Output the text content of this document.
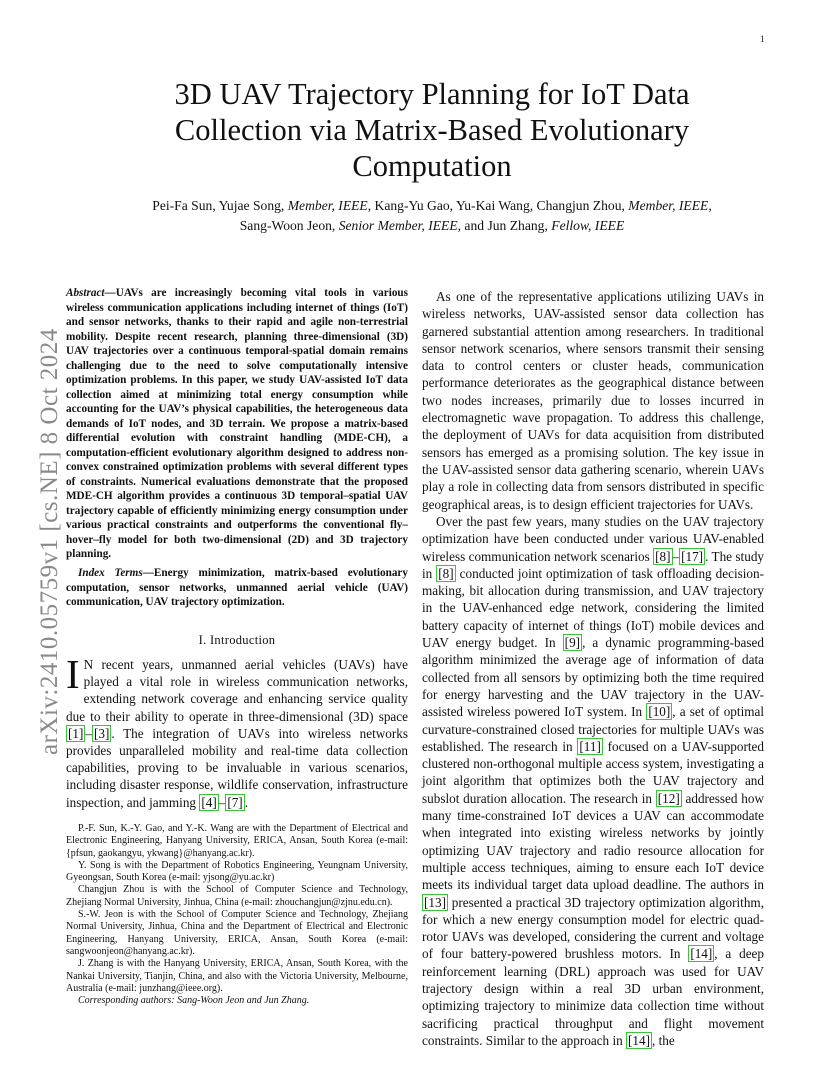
1
arXiv:2410.05759v1 [cs.NE] 8 Oct 2024
3D UAV Trajectory Planning for IoT Data
Collection via Matrix-Based Evolutionary
Computation
Pei-Fa Sun, Yujae Song, Member, IEEE, Kang-Yu Gao, Yu-Kai Wang, Changjun Zhou, Member, IEEE,
Sang-Woon Jeon, Senior Member, IEEE, and Jun Zhang, Fellow, IEEE
Abstract—UAVs are increasingly becoming vital tools in various wireless communication applications including internet of things (IoT) and sensor networks, thanks to their rapid and agile non-terrestrial mobility. Despite recent research, planning three-dimensional (3D) UAV trajectories over a continuous temporal-spatial domain remains challenging due to the need to solve computationally intensive optimization problems. In this paper, we study UAV-assisted IoT data collection aimed at minimizing total energy consumption while accounting for the UAV’s physical capabilities, the heterogeneous data demands of IoT nodes, and 3D terrain. We propose a matrix-based differential evolution with constraint handling (MDE-CH), a computation-efficient evolutionary algorithm designed to address non-convex constrained optimization problems with several different types of constraints. Numerical evaluations demonstrate that the proposed MDE-CH algorithm provides a continuous 3D temporal–spatial UAV trajectory capable of efficiently minimizing energy consumption under various practical constraints and outperforms the conventional fly–hover–fly model for both two-dimensional (2D) and 3D trajectory planning.
Index Terms—Energy minimization, matrix-based evolutionary computation, sensor networks, unmanned aerial vehicle (UAV) communication, UAV trajectory optimization.
I. Introduction
I N recent years, unmanned aerial vehicles (UAVs) have played a vital role in wireless communication networks, extending network coverage and enhancing service quality due to their ability to operate in three-dimensional (3D) space [1] – [3] . The integration of UAVs into wireless networks provides unparalleled mobility and real-time data collection capabilities, proving to be invaluable in various scenarios, including disaster response, wildlife conservation, infrastructure inspection, and jamming [4] – [7] .

P.-F. Sun, K.-Y. Gao, and Y.-K. Wang are with the Department of Electrical and Electronic Engineering, Hanyang University, ERICA, Ansan, South Korea (e-mail: {pfsun, gaokangyu, ykwang}@hanyang.ac.kr).

Y. Song is with the Department of Robotics Engineering, Yeungnam University, Gyeongsan, South Korea (e-mail: yjsong@yu.ac.kr)

Changjun Zhou is with the School of Computer Science and Technology, Zhejiang Normal University, Jinhua, China (e-mail: zhouchangjun@zjnu.edu.cn).

S.-W. Jeon is with the School of Computer Science and Technology, Zhejiang Normal University, Jinhua, China and the Department of Electrical and Electronic Engineering, Hanyang University, ERICA, Ansan, South Korea (e-mail: sangwoonjeon@hanyang.ac.kr).

J. Zhang is with the Hanyang University, ERICA, Ansan, South Korea, with the Nankai University, Tianjin, China, and also with the Victoria University, Melbourne, Australia (e-mail: junzhang@ieee.org).

Corresponding authors: Sang-Woon Jeon and Jun Zhang.

As one of the representative applications utilizing UAVs in wireless networks, UAV-assisted sensor data collection has garnered substantial attention among researchers. In traditional sensor network scenarios, where sensors transmit their sensing data to control centers or cluster heads, communication performance deteriorates as the geographical distance between two nodes increases, primarily due to losses incurred in electromagnetic wave propagation. To address this challenge, the deployment of UAVs for data acquisition from distributed sensors has emerged as a promising solution. The key issue in the UAV-assisted sensor data gathering scenario, wherein UAVs play a role in collecting data from sensors distributed in specific geographical areas, is to design efficient trajectories for UAVs.

Over the past few years, many studies on the UAV trajectory optimization have been conducted under various UAV-enabled wireless communication network scenarios [8] – [17] . The study in [8] conducted joint optimization of task offloading decision-making, bit allocation during transmission, and UAV trajectory in the UAV-enhanced edge network, considering the limited battery capacity of internet of things (IoT) mobile devices and UAV energy budget. In [9] , a dynamic programming-based algorithm minimized the average age of information of data collected from all sensors by optimizing both the time required for energy harvesting and the UAV trajectory in the UAV-assisted wireless powered IoT system. In [10] , a set of optimal curvature-constrained closed trajectories for multiple UAVs was established. The research in [11] focused on a UAV-supported clustered non-orthogonal multiple access system, investigating a joint algorithm that optimizes both the UAV trajectory and subslot duration allocation. The research in [12] addressed how many time-constrained IoT devices a UAV can accommodate when integrated into existing wireless networks by jointly optimizing UAV trajectory and radio resource allocation for multiple access techniques, aiming to ensure each IoT device meets its individual target data upload deadline. The authors in [13] presented a practical 3D trajectory optimization algorithm, for which a new energy consumption model for electric quad-rotor UAVs was developed, considering the current and voltage of four battery-powered brushless motors. In [14] , a deep reinforcement learning (DRL) approach was used for UAV trajectory design within a real 3D urban environment, optimizing trajectory to minimize data collection time without sacrificing practical throughput and flight movement constraints. Similar to the approach in [14] , the
